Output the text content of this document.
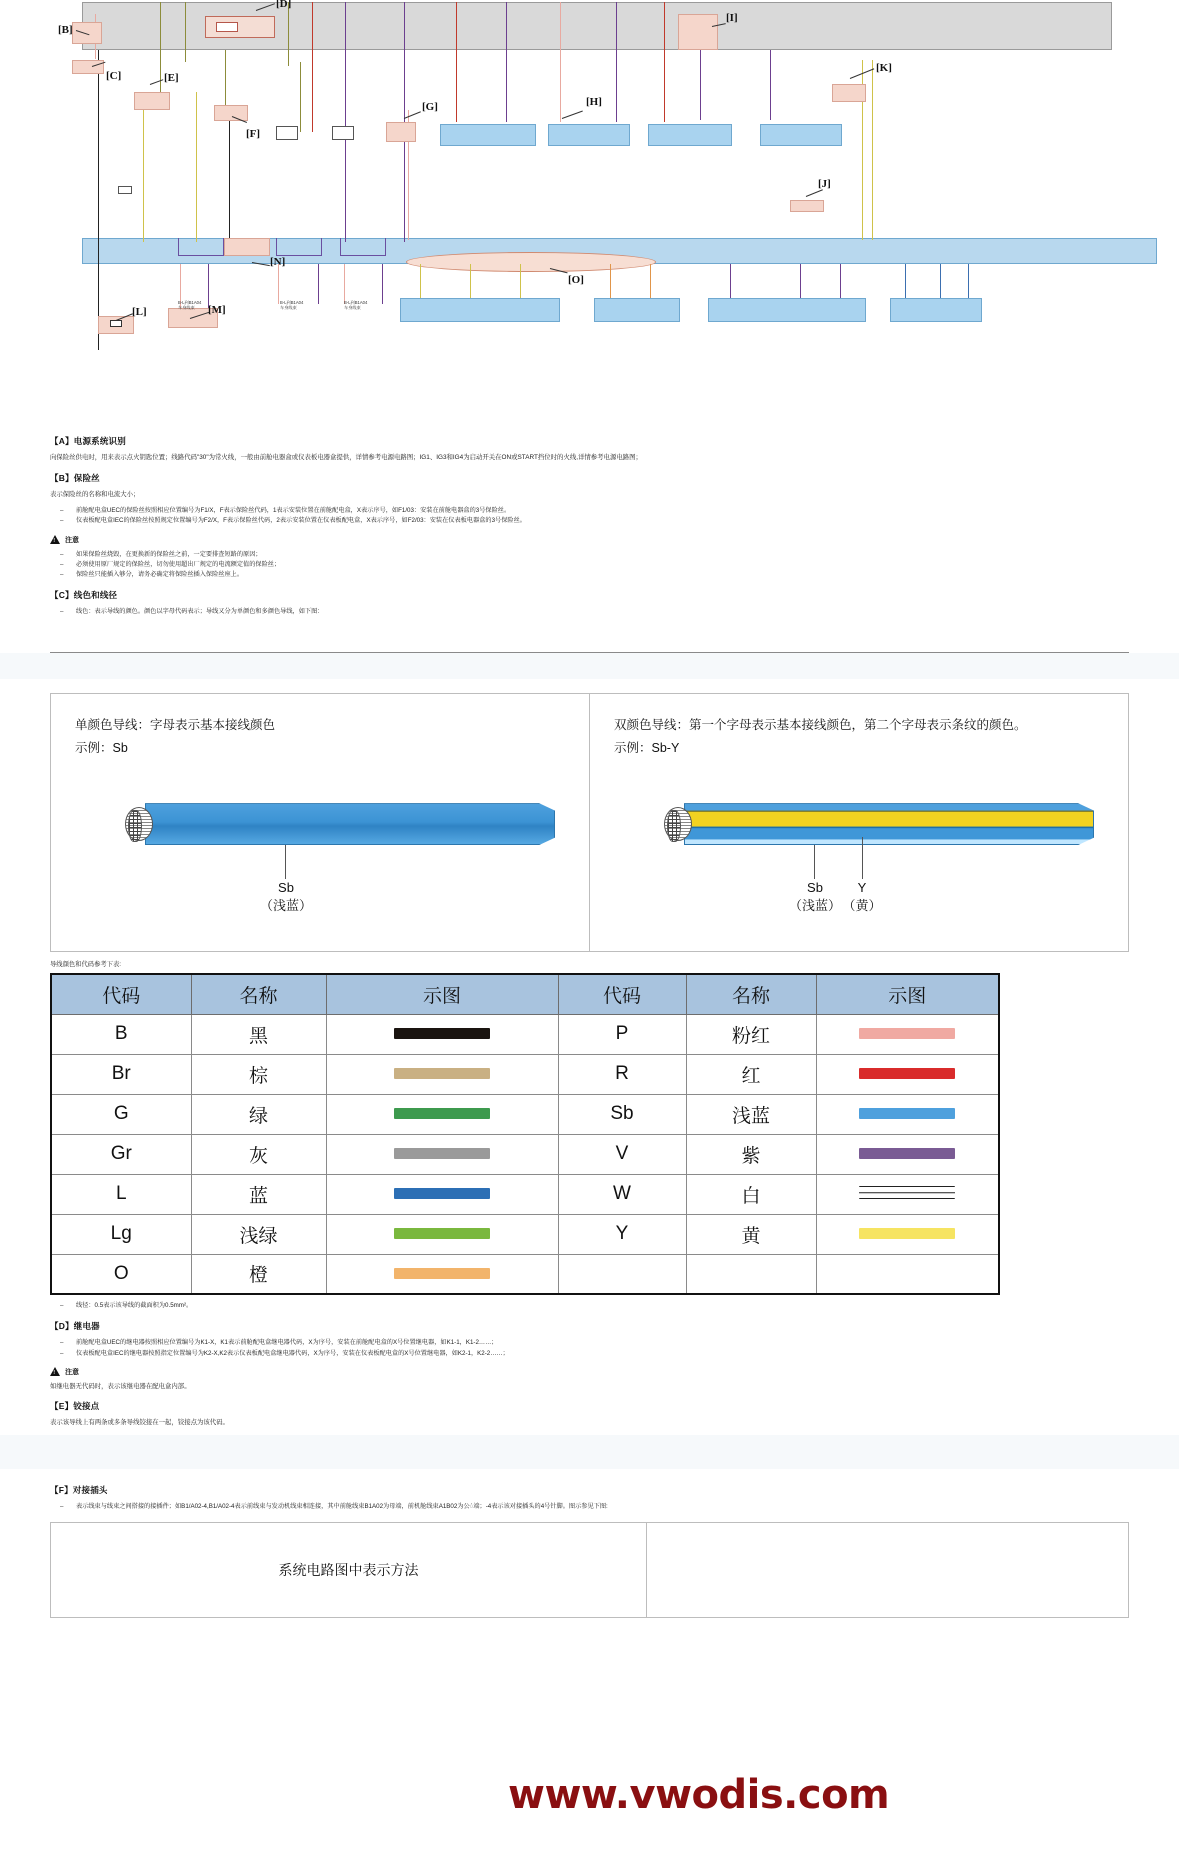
[B]
[D]
[I]
[C]	[E]
[K]
[F]
[G]	[H]
[J]
[L]	[M]
[N]
[O]
B-L到B1A04
车身线束
B-L到B1A04
车身线束
B-L到B1A04
车身线束
【A】电源系统识别
向保险丝供电时，用来表示点火钥匙位置；线路代码"30"为常火线，一般由前舱电器盒或仪表板电器盒提供，详情参考电源电路图；IG1、IG3和IG4为启动开关在ON或START挡位时的火线,详情参考电源电路图；
【B】保险丝
表示保险丝的名称和电流大小；
– 前舱配电盒UEC的保险丝按照相应位置编号为F1/X，F表示保险丝代码，1表示安装位置在前舱配电盒，X表示序号，如F1/03：安装在前舱电器盒的3号保险丝。
– 仪表板配电盒IEC的保险丝按照规定位置编号为F2/X，F表示保险丝代码，2表示安装位置在仪表板配电盒，X表示序号，如F2/03：安装在仪表板电器盒的3号保险丝。
!
注意
– 如果保险丝烧毁，在更换新的保险丝之前，一定要排查短路的原因；
– 必须使用原厂规定的保险丝，切勿使用超出厂规定的电流额定值的保险丝；
– 保险丝只能插入够分，请务必确定将保险丝插入保险丝座上。
【C】线色和线径
– 线色：表示导线的颜色。颜色以字母代码表示；导线又分为单颜色和多颜色导线，如下图：
单颜色导线：字母表示基本接线颜色
示例：Sb
Sb
（浅蓝）
双颜色导线：第一个字母表示基本接线颜色，第二个字母表示条纹的颜色。
示例：Sb-Y
Sb
（浅蓝）
Y
（黄）
导线颜色和代码参考下表:
代码	名称	示图	代码	名称	示图
B	黑		P	粉红	
Br	棕		R	红	
G	绿		Sb	浅蓝	
Gr	灰		V	紫	
L	蓝		W	白	
Lg	浅绿		Y	黄	
O	橙				
– 线径：0.5表示该导线的截面积为0.5mm²。
【D】继电器
– 前舱配电盒UEC的继电器按照相应位置编号为K1-X，K1表示前舱配电盒继电器代码，X为序号，安装在前舱配电盒的X号位置继电器，如K1-1，K1-2……；
– 仪表板配电盒IEC的继电器按照指定位置编号为K2-X,K2表示仪表板配电盒继电器代码，X为序号，安装在仪表板配电盒的X号位置继电器，如K2-1，K2-2……；
!
注意
如继电器无代码时，表示该继电器在配电盒内部。
【E】铰接点
表示该导线上有两条或多条导线铰接在一起，铰接点为该代码。
【F】对接插头
– 表示线束与线束之间搭接的接插件；如B1/A02-4,B1/A02-4表示前线束与发动机线束相连接，其中前舱线束B1A02为母端，前机舱线束A1B02为公ं端；-4表示该对接插头的4号针脚。图示参见下图:
系统电路图中表示方法
www.vwodis.com
